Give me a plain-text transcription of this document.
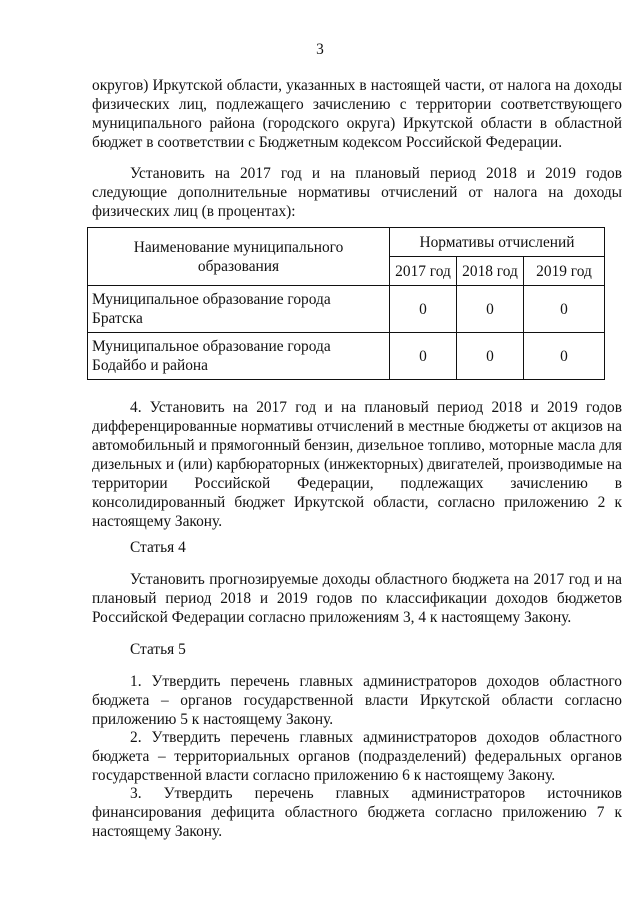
3

округов) Иркутской области, указанных в настоящей части, от налога на доходы физических лиц, подлежащего зачислению с территории соответствующего муниципального района (городского округа) Иркутской области в областной бюджет в соответствии с Бюджетным кодексом Российской Федерации.

Установить на 2017 год и на плановый период 2018 и 2019 годов следующие дополнительные нормативы отчислений от налога на доходы физических лиц (в процентах):

Наименование муниципального образования	Нормативы отчислений		
	2017 год	2018 год	2019 год
Муниципальное образование города Братска	0	0	0
Муниципальное образование города Бодайбо и района	0	0	0

4. Установить на 2017 год и на плановый период 2018 и 2019 годов дифференцированные нормативы отчислений в местные бюджеты от акцизов на автомобильный и прямогонный бензин, дизельное топливо, моторные масла для дизельных и (или) карбюраторных (инжекторных) двигателей, производимые на территории Российской Федерации, подлежащих зачислению в консолидированный бюджет Иркутской области, согласно приложению 2 к настоящему Закону.

Статья 4

Установить прогнозируемые доходы областного бюджета на 2017 год и на плановый период 2018 и 2019 годов по классификации доходов бюджетов Российской Федерации согласно приложениям 3, 4 к настоящему Закону.

Статья 5

1. Утвердить перечень главных администраторов доходов областного бюджета – органов государственной власти Иркутской области согласно приложению 5 к настоящему Закону.

2. Утвердить перечень главных администраторов доходов областного бюджета – территориальных органов (подразделений) федеральных органов государственной власти согласно приложению 6 к настоящему Закону.

3. Утвердить перечень главных администраторов источников финансирования дефицита областного бюджета согласно приложению 7 к настоящему Закону.
